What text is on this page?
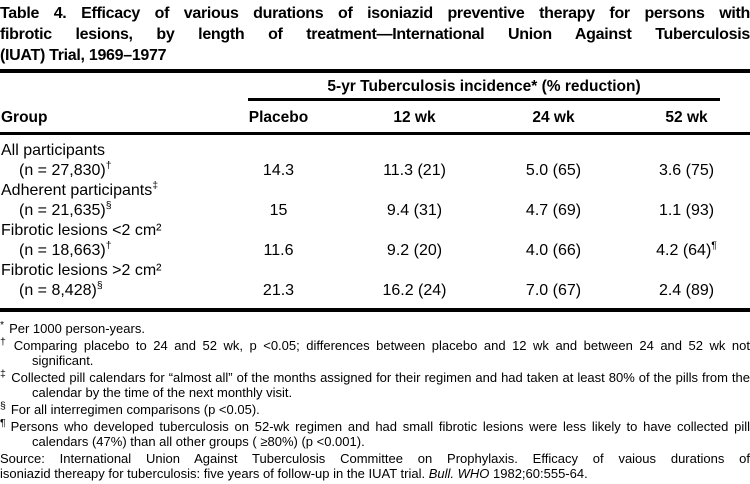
Table 4. Efficacy of various durations of isoniazid preventive therapy for persons with
fibrotic lesions, by length of treatment—International Union Against Tuberculosis
(IUAT) Trial, 1969–1977

	5-yr Tuberculosis incidence* (% reduction)			

Group	Placebo	12 wk	24 wk	52 wk
All participants				
(n = 27,830)†	14.3	11.3 (21)	5.0 (65)	3.6 (75)
Adherent participants‡
(n = 21,635)§	15	9.4 (31)	4.7 (69)	1.1 (93)
Fibrotic lesions <2 cm²				
(n = 18,663)†	11.6	9.2 (20)	4.0 (66)	4.2 (64)¶
Fibrotic lesions >2 cm²				
(n = 8,428)§	21.3	16.2 (24)	7.0 (67)	2.4 (89)

* Per 1000 person-years.

† Comparing placebo to 24 and 52 wk, p <0.05; differences between placebo and 12 wk and between 24 and 52 wk not significant.

‡ Collected pill calendars for “almost all” of the months assigned for their regimen and had taken at least 80% of the pills from the calendar by the time of the next monthly visit.

§ For all interregimen comparisons (p <0.05).

¶ Persons who developed tuberculosis on 52-wk regimen and had small fibrotic lesions were less likely to have collected pill calendars (47%) than all other groups ( ≥80%) (p <0.001).

Source: International Union Against Tuberculosis Committee on Prophylaxis. Efficacy of vaious durations of
isoniazid thereapy for tuberculosis: five years of follow-up in the IUAT trial. Bull. WHO 1982;60:555-64.
